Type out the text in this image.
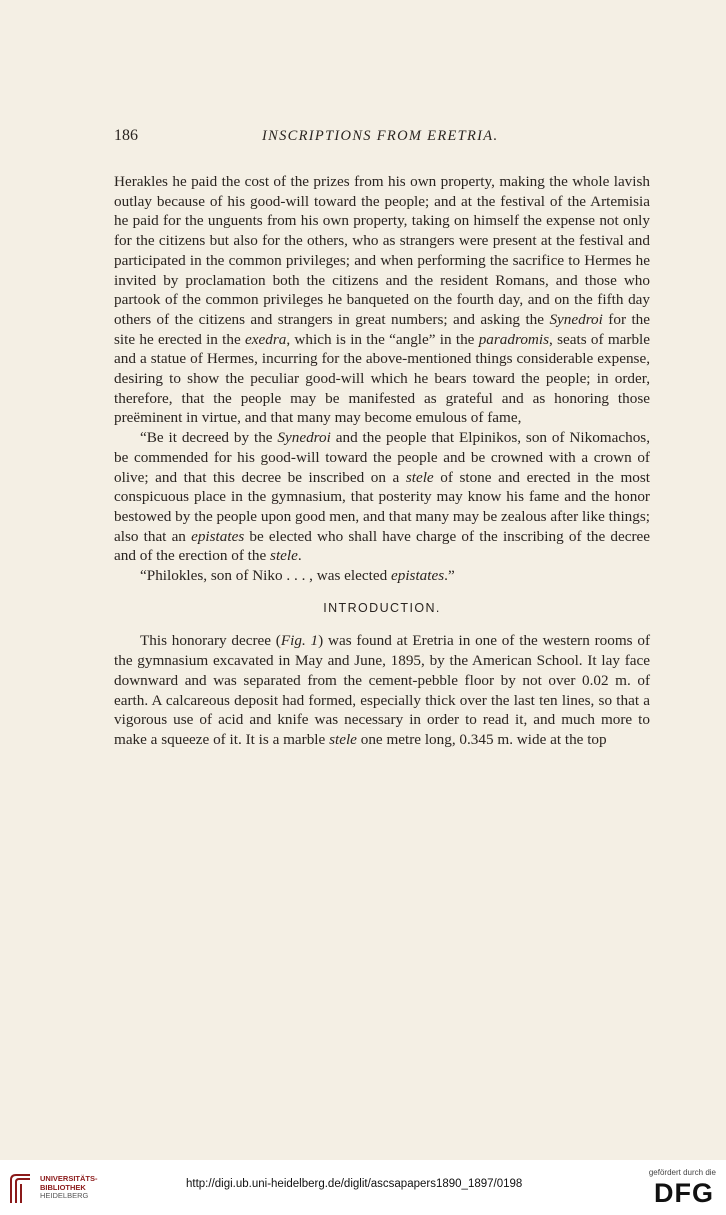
186	INSCRIPTIONS FROM ERETRIA.

Herakles he paid the cost of the prizes from his own property, making the whole lavish outlay because of his good-will toward the people; and at the festival of the Artemisia he paid for the unguents from his own property, taking on himself the expense not only for the citizens but also for the others, who as strangers were present at the festival and participated in the common privileges; and when performing the sacrifice to Hermes he invited by proclamation both the citizens and the resident Romans, and those who partook of the common privileges he banqueted on the fourth day, and on the fifth day others of the citizens and strangers in great numbers; and asking the Synedroi for the site he erected in the exedra, which is in the “angle” in the paradromis, seats of marble and a statue of Hermes, incurring for the above-mentioned things considerable expense, desiring to show the peculiar good-will which he bears toward the people; in order, therefore, that the people may be manifested as grateful and as honoring those preëminent in virtue, and that many may become emulous of fame,

“Be it decreed by the Synedroi and the people that Elpinikos, son of Nikomachos, be commended for his good-will toward the people and be crowned with a crown of olive; and that this decree be inscribed on a stele of stone and erected in the most conspicuous place in the gymnasium, that posterity may know his fame and the honor bestowed by the people upon good men, and that many may be zealous after like things; also that an epistates be elected who shall have charge of the inscribing of the decree and of the erection of the stele.

“Philokles, son of Niko . . . , was elected epistates.”

INTRODUCTION.

This honorary decree (Fig. 1) was found at Eretria in one of the western rooms of the gymnasium excavated in May and June, 1895, by the American School. It lay face downward and was separated from the cement-pebble floor by not over 0.02 m. of earth. A calcareous deposit had formed, especially thick over the last ten lines, so that a vigorous use of acid and knife was necessary in order to read it, and much more to make a squeeze of it. It is a marble stele one metre long, 0.345 m. wide at the top

UNIVERSITÄTS-
BIBLIOTHEK
HEIDELBERG
http://digi.ub.uni-heidelberg.de/diglit/ascsapapers1890_1897/0198
gefördert durch die
DFG
